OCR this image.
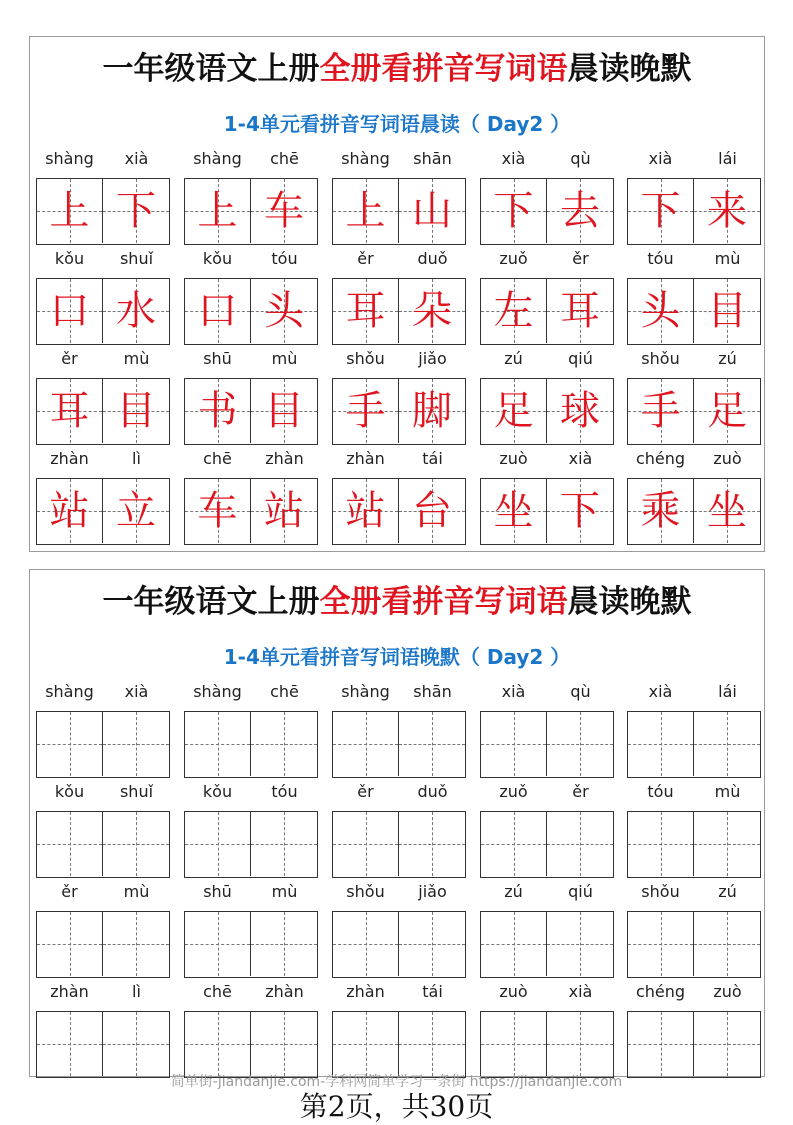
一年级语文上册全册看拼音写词语晨读晚默
1-4单元看拼音写词语晨读（ Day2 ）
shàng	xià
上 下
shàng	chē
上 车
shàng	shān
上 山
xià	qù
下 去
xià	lái
下 来
kǒu	shuǐ
口 水
kǒu	tóu
口 头
ěr	duǒ
耳 朵
zuǒ	ěr
左 耳
tóu	mù
头 目
ěr	mù
耳 目
shū	mù
书 目
shǒu	jiǎo
手 脚
zú	qiú
足 球
shǒu	zú
手 足
zhàn	lì
站 立
chē	zhàn
车 站
zhàn	tái
站 台
zuò	xià
坐 下
chéng	zuò
乘 坐
一年级语文上册全册看拼音写词语晨读晚默
1-4单元看拼音写词语晚默（ Day2 ）
shàng	xià	shàng	chē	shàng	shān	xià	qù	xià	lái
kǒu	shuǐ	kǒu	tóu	ěr	duǒ	zuǒ	ěr	tóu	mù
ěr	mù	shū	mù	shǒu	jiǎo	zú	qiú	shǒu	zú
zhàn	lì	chē	zhàn	zhàn	tái	zuò	xià	chéng	zuò
简单街-jiandanjie.com-学科网简单学习一条街 https://jiandanjie.com
第2页，共30页
